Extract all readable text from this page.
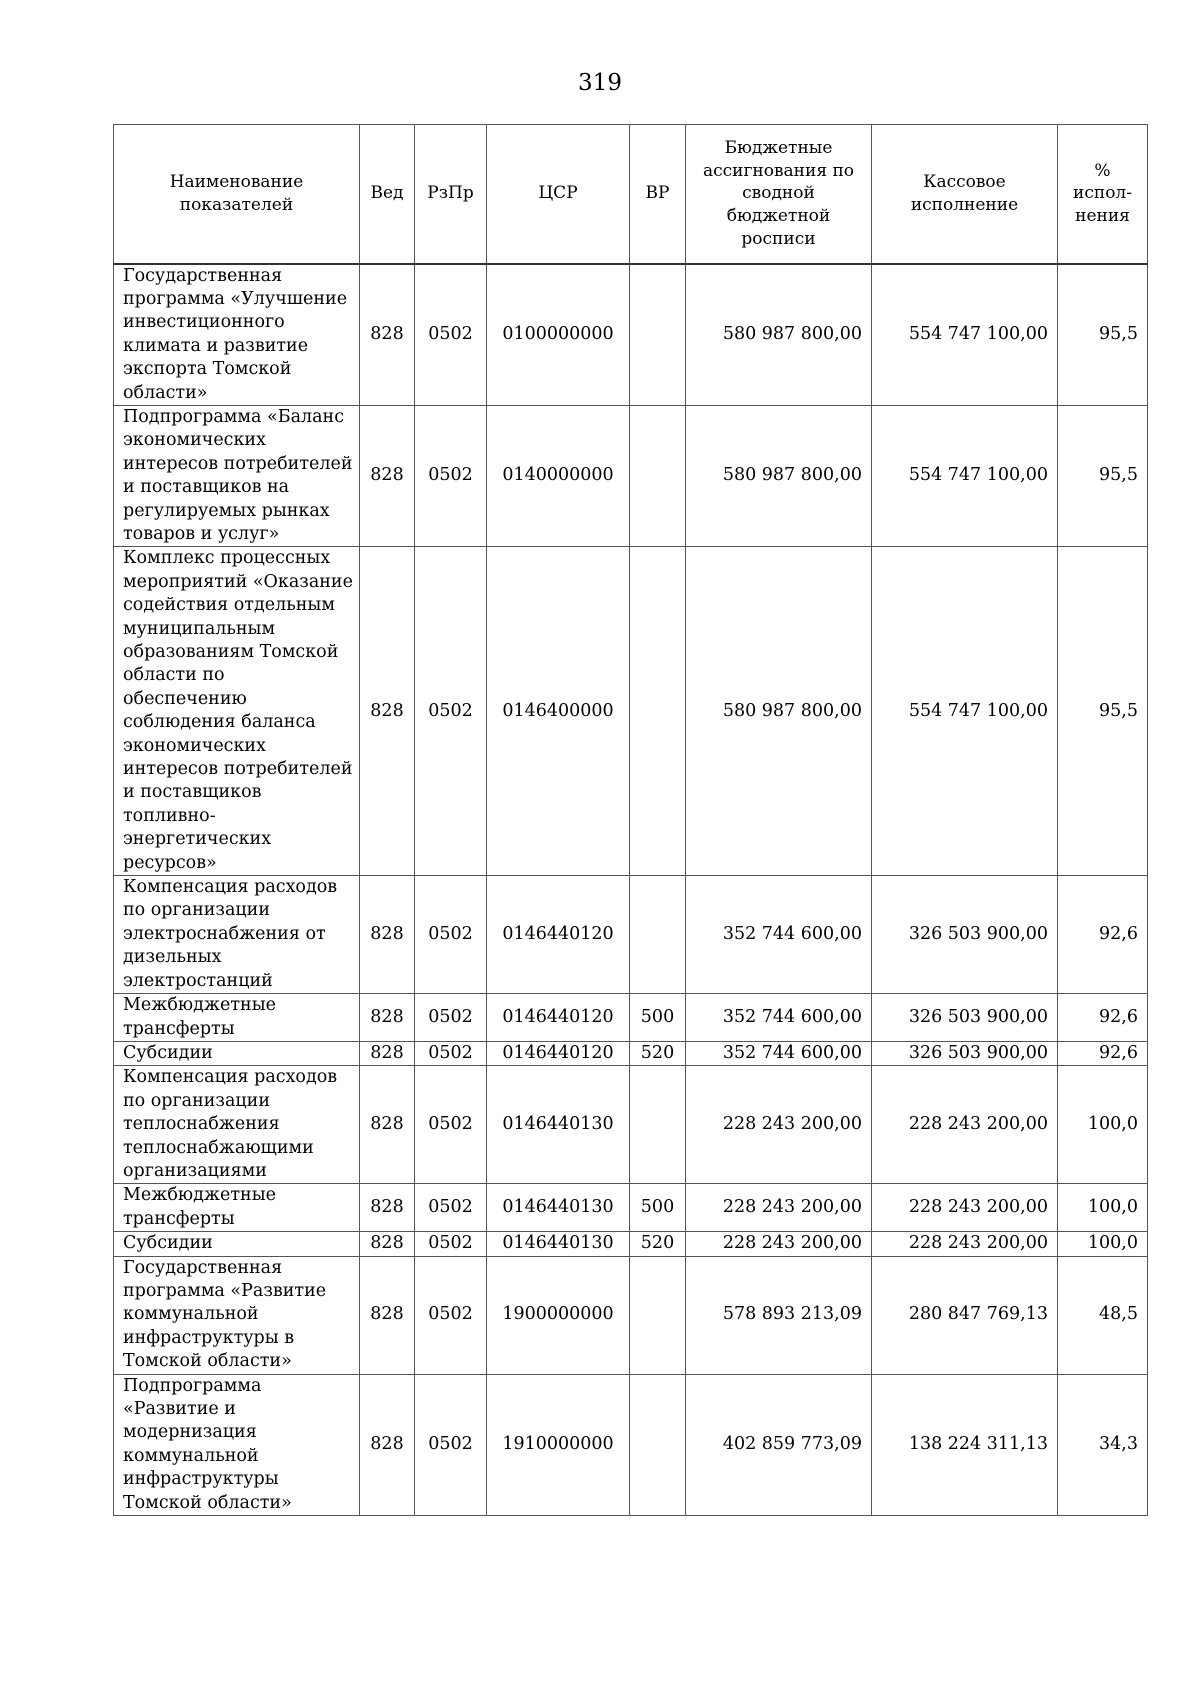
319
Наименование показателей	Вед	РзПр	ЦСР	ВР	Бюджетные ассигнования по сводной бюджетной росписи	Кассовое исполнение	% испол-нения
Государственная программа «Улучшение инвестиционного климата и развитие экспорта Томской области»	828	0502	0100000000		580 987 800,00	554 747 100,00	95,5
Подпрограмма «Баланс экономических интересов потребителей и поставщиков на регулируемых рынках товаров и услуг»	828	0502	0140000000		580 987 800,00	554 747 100,00	95,5
Комплекс процессных мероприятий «Оказание содействия отдельным муниципальным образованиям Томской области по обеспечению соблюдения баланса экономических интересов потребителей и поставщиков топливно-энергетических ресурсов»	828	0502	0146400000		580 987 800,00	554 747 100,00	95,5
Компенсация расходов по организации электроснабжения от дизельных электростанций	828	0502	0146440120		352 744 600,00	326 503 900,00	92,6
Межбюджетные трансферты	828	0502	0146440120	500	352 744 600,00	326 503 900,00	92,6
Субсидии	828	0502	0146440120	520	352 744 600,00	326 503 900,00	92,6
Компенсация расходов по организации теплоснабжения теплоснабжающими организациями	828	0502	0146440130		228 243 200,00	228 243 200,00	100,0
Межбюджетные трансферты	828	0502	0146440130	500	228 243 200,00	228 243 200,00	100,0
Субсидии	828	0502	0146440130	520	228 243 200,00	228 243 200,00	100,0
Государственная программа «Развитие коммунальной инфраструктуры в Томской области»	828	0502	1900000000		578 893 213,09	280 847 769,13	48,5
Подпрограмма «Развитие и модернизация коммунальной инфраструктуры Томской области»	828	0502	1910000000		402 859 773,09	138 224 311,13	34,3
